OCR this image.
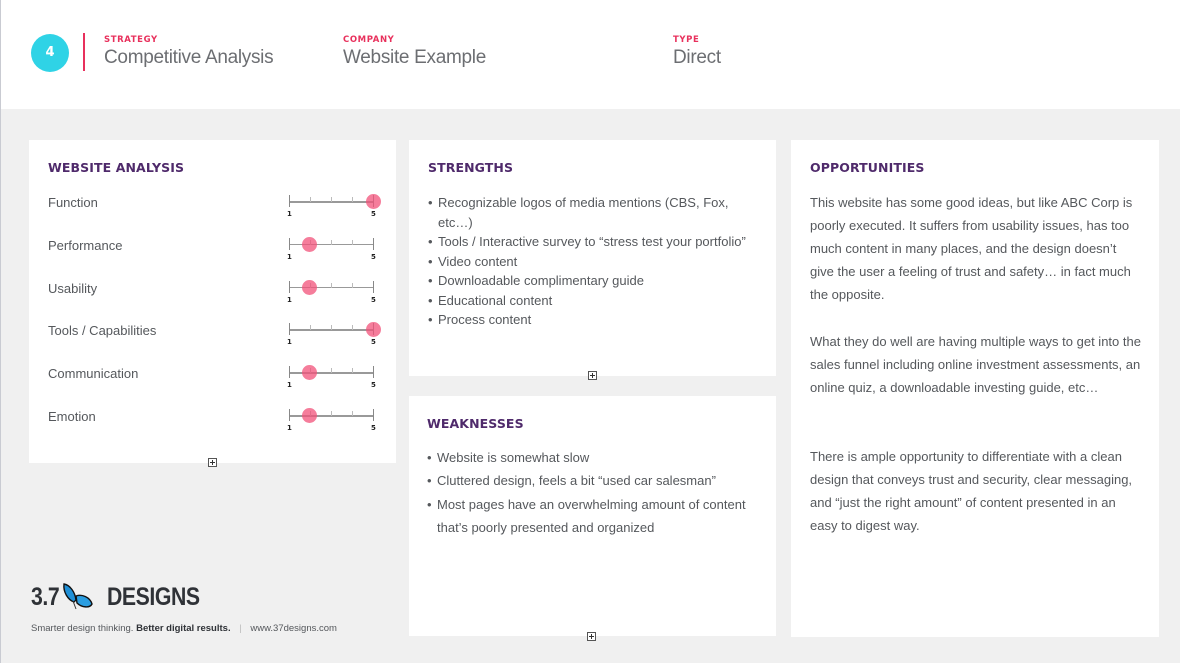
4
STRATEGY
Competitive Analysis
COMPANY
Website Example
TYPE
Direct
WEBSITE ANALYSIS
Function
1	5
Performance
1	5
Usability
1	5
Tools / Capabilities
1	5
Communication
1	5
Emotion
1	5
STRENGTHS
• Recognizable logos of media mentions (CBS, Fox, etc…)
• Tools / Interactive survey to “stress test your portfolio”
• Video content
• Downloadable complimentary guide
• Educational content
• Process content
WEAKNESSES
• Website is somewhat slow
• Cluttered design, feels a bit “used car salesman”
• Most pages have an overwhelming amount of content that’s poorly presented and organized
OPPORTUNITIES

This website has some good ideas, but like ABC Corp is poorly executed. It suffers from usability issues, has too much content in many places, and the design doesn’t give the user a feeling of trust and safety… in fact much the opposite.

What they do well are having multiple ways to get into the sales funnel including online investment assessments, an online quiz, a downloadable investing guide, etc…

There is ample opportunity to differentiate with a clean design that conveys trust and security, clear messaging, and “just the right amount” of content presented in an easy to digest way.

3.7 DESIGNS
Smarter design thinking. Better digital results. | www.37designs.com
